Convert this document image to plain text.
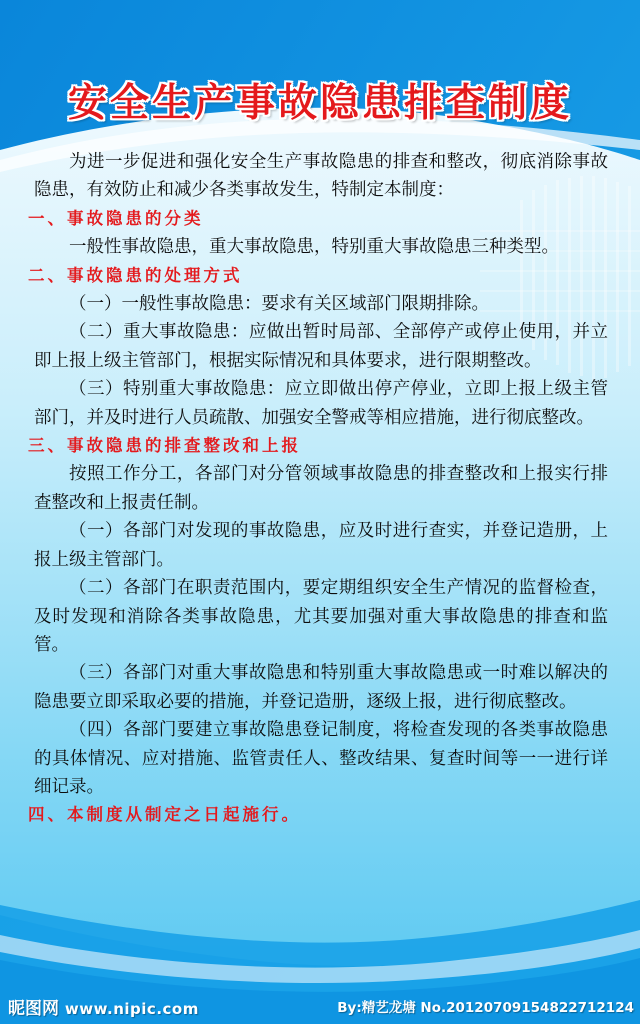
安全生产事故隐患排查制度

为进一步促进和强化安全生产事故隐患的排查和整改，彻底消除事故隐患，有效防止和减少各类事故发生，特制定本制度：

一、事故隐患的分类

一般性事故隐患，重大事故隐患，特别重大事故隐患三种类型。

二、事故隐患的处理方式

（一）一般性事故隐患：要求有关区域部门限期排除。

（二）重大事故隐患：应做出暂时局部、全部停产或停止使用，并立即上报上级主管部门，根据实际情况和具体要求，进行限期整改。

（三）特别重大事故隐患：应立即做出停产停业，立即上报上级主管部门，并及时进行人员疏散、加强安全警戒等相应措施，进行彻底整改。

三、事故隐患的排查整改和上报

按照工作分工，各部门对分管领域事故隐患的排查整改和上报实行排查整改和上报责任制。

（一）各部门对发现的事故隐患，应及时进行查实，并登记造册，上报上级主管部门。

（二）各部门在职责范围内，要定期组织安全生产情况的监督检查，及时发现和消除各类事故隐患，尤其要加强对重大事故隐患的排查和监管。

（三）各部门对重大事故隐患和特别重大事故隐患或一时难以解决的隐患要立即采取必要的措施，并登记造册，逐级上报，进行彻底整改。

（四）各部门要建立事故隐患登记制度，将检查发现的各类事故隐患的具体情况、应对措施、监管责任人、整改结果、复查时间等一一进行详细记录。

四、本制度从制定之日起施行。

昵图网 www.nipic.com	By:精艺龙塘 No.20120709154822712124
